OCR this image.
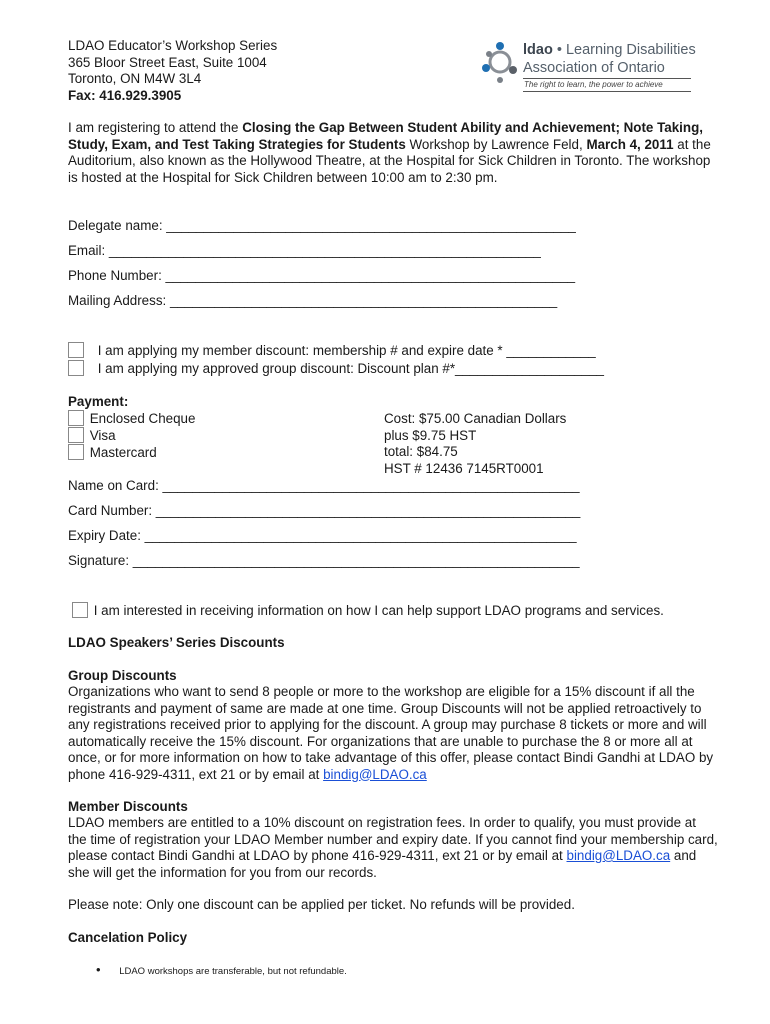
LDAO Educator’s Workshop Series
365 Bloor Street East, Suite 1004
Toronto, ON M4W 3L4
Fax: 416.929.3905
ldao • Learning Disabilities
Association of Ontario
The right to learn, the power to achieve
I am registering to attend the Closing the Gap Between Student Ability and Achievement; Note Taking, Study, Exam, and Test Taking Strategies for Students Workshop by Lawrence Feld, March 4, 2011 at the Auditorium, also known as the Hollywood Theatre, at the Hospital for Sick Children in Toronto. The workshop is hosted at the Hospital for Sick Children between 10:00 am to 2:30 pm.
Delegate name: _______________________________________________________
Email: __________________________________________________________
Phone Number: _______________________________________________________
Mailing Address: ____________________________________________________
I am applying my member discount: membership # and expire date * ____________
I am applying my approved group discount: Discount plan #*____________________
Payment:
Enclosed Cheque
Visa
Mastercard
Cost: $75.00 Canadian Dollars
plus $9.75 HST
total: $84.75
HST # 12436 7145RT0001
Name on Card: ________________________________________________________
Card Number: _________________________________________________________
Expiry Date: __________________________________________________________
Signature: ____________________________________________________________
I am interested in receiving information on how I can help support LDAO programs and services.
LDAO Speakers’ Series Discounts
Group Discounts
Organizations who want to send 8 people or more to the workshop are eligible for a 15% discount if all the registrants and payment of same are made at one time. Group Discounts will not be applied retroactively to any registrations received prior to applying for the discount. A group may purchase 8 tickets or more and will automatically receive the 15% discount. For organizations that are unable to purchase the 8 or more all at once, or for more information on how to take advantage of this offer, please contact Bindi Gandhi at LDAO by phone 416-929-4311, ext 21 or by email at bindig@LDAO.ca
Member Discounts
LDAO members are entitled to a 10% discount on registration fees. In order to qualify, you must provide at the time of registration your LDAO Member number and expiry date. If you cannot find your membership card, please contact Bindi Gandhi at LDAO by phone 416-929-4311, ext 21 or by email at bindig@LDAO.ca and she will get the information for you from our records.
Please note: Only one discount can be applied per ticket. No refunds will be provided.
Cancelation Policy
• LDAO workshops are transferable, but not refundable.
